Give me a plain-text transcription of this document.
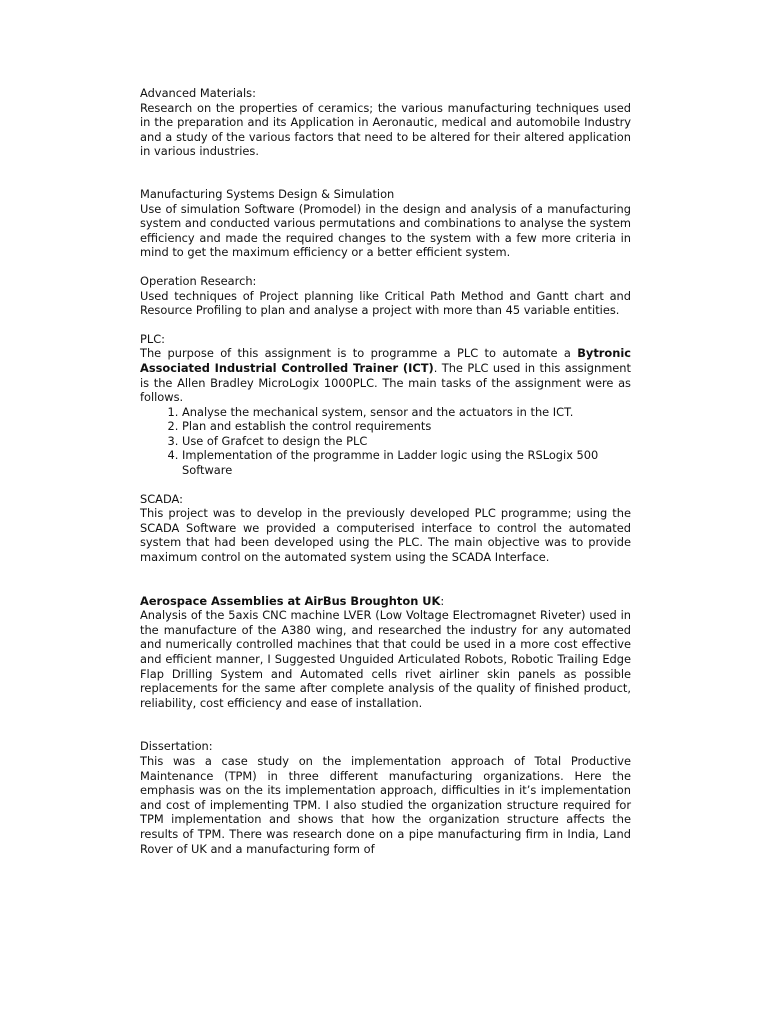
Advanced Materials:

Research on the properties of ceramics; the various manufacturing techniques used in the preparation and its Application in Aeronautic, medical and automobile Industry and a study of the various factors that need to be altered for their altered application in various industries.

Manufacturing Systems Design & Simulation

Use of simulation Software (Promodel) in the design and analysis of a manufacturing system and conducted various permutations and combinations to analyse the system efficiency and made the required changes to the system with a few more criteria in mind to get the maximum efficiency or a better efficient system.

Operation Research:

Used techniques of Project planning like Critical Path Method and Gantt chart and Resource Profiling to plan and analyse a project with more than 45 variable entities.

PLC:

The purpose of this assignment is to programme a PLC to automate a Bytronic Associated Industrial Controlled Trainer (ICT). The PLC used in this assignment is the Allen Bradley MicroLogix 1000PLC. The main tasks of the assignment were as follows.

1. Analyse the mechanical system, sensor and the actuators in the ICT.
2. Plan and establish the control requirements
3. Use of Grafcet to design the PLC
4. Implementation of the programme in Ladder logic using the RSLogix 500 Software
SCADA:

This project was to develop in the previously developed PLC programme; using the SCADA Software we provided a computerised interface to control the automated system that had been developed using the PLC. The main objective was to provide maximum control on the automated system using the SCADA Interface.

Aerospace Assemblies at AirBus Broughton UK:

Analysis of the 5axis CNC machine LVER (Low Voltage Electromagnet Riveter) used in the manufacture of the A380 wing, and researched the industry for any automated and numerically controlled machines that that could be used in a more cost effective and efficient manner, I Suggested Unguided Articulated Robots, Robotic Trailing Edge Flap Drilling System and Automated cells rivet airliner skin panels as possible replacements for the same after complete analysis of the quality of finished product, reliability, cost efficiency and ease of installation.

Dissertation:

This was a case study on the implementation approach of Total Productive Maintenance (TPM) in three different manufacturing organizations. Here the emphasis was on the its implementation approach, difficulties in it’s implementation and cost of implementing TPM. I also studied the organization structure required for TPM implementation and shows that how the organization structure affects the results of TPM. There was research done on a pipe manufacturing firm in India, Land Rover of UK and a manufacturing form of
